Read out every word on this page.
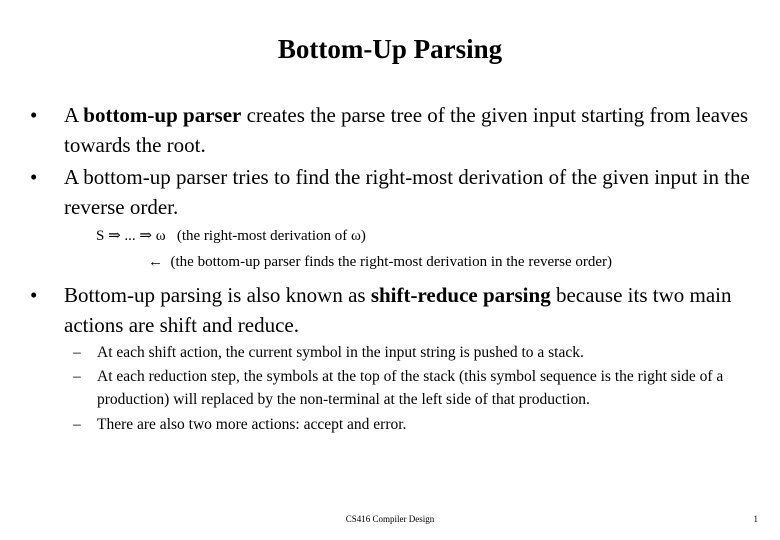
Bottom-Up Parsing
• A bottom-up parser creates the parse tree of the given input starting from leaves towards the root.
• A bottom-up parser tries to find the right-most derivation of the given input in the reverse order.
S ⇒ ... ⇒ ω   (the right-most derivation of ω)
←  (the bottom-up parser finds the right-most derivation in the reverse order)
• Bottom-up parsing is also known as shift-reduce parsing because its two main actions are shift and reduce.
– At each shift action, the current symbol in the input string is pushed to a stack.
– At each reduction step, the symbols at the top of the stack (this symbol sequence is the right side of a production) will replaced by the non-terminal at the left side of that production.
– There are also two more actions: accept and error.
CS416 Compiler Design	1
